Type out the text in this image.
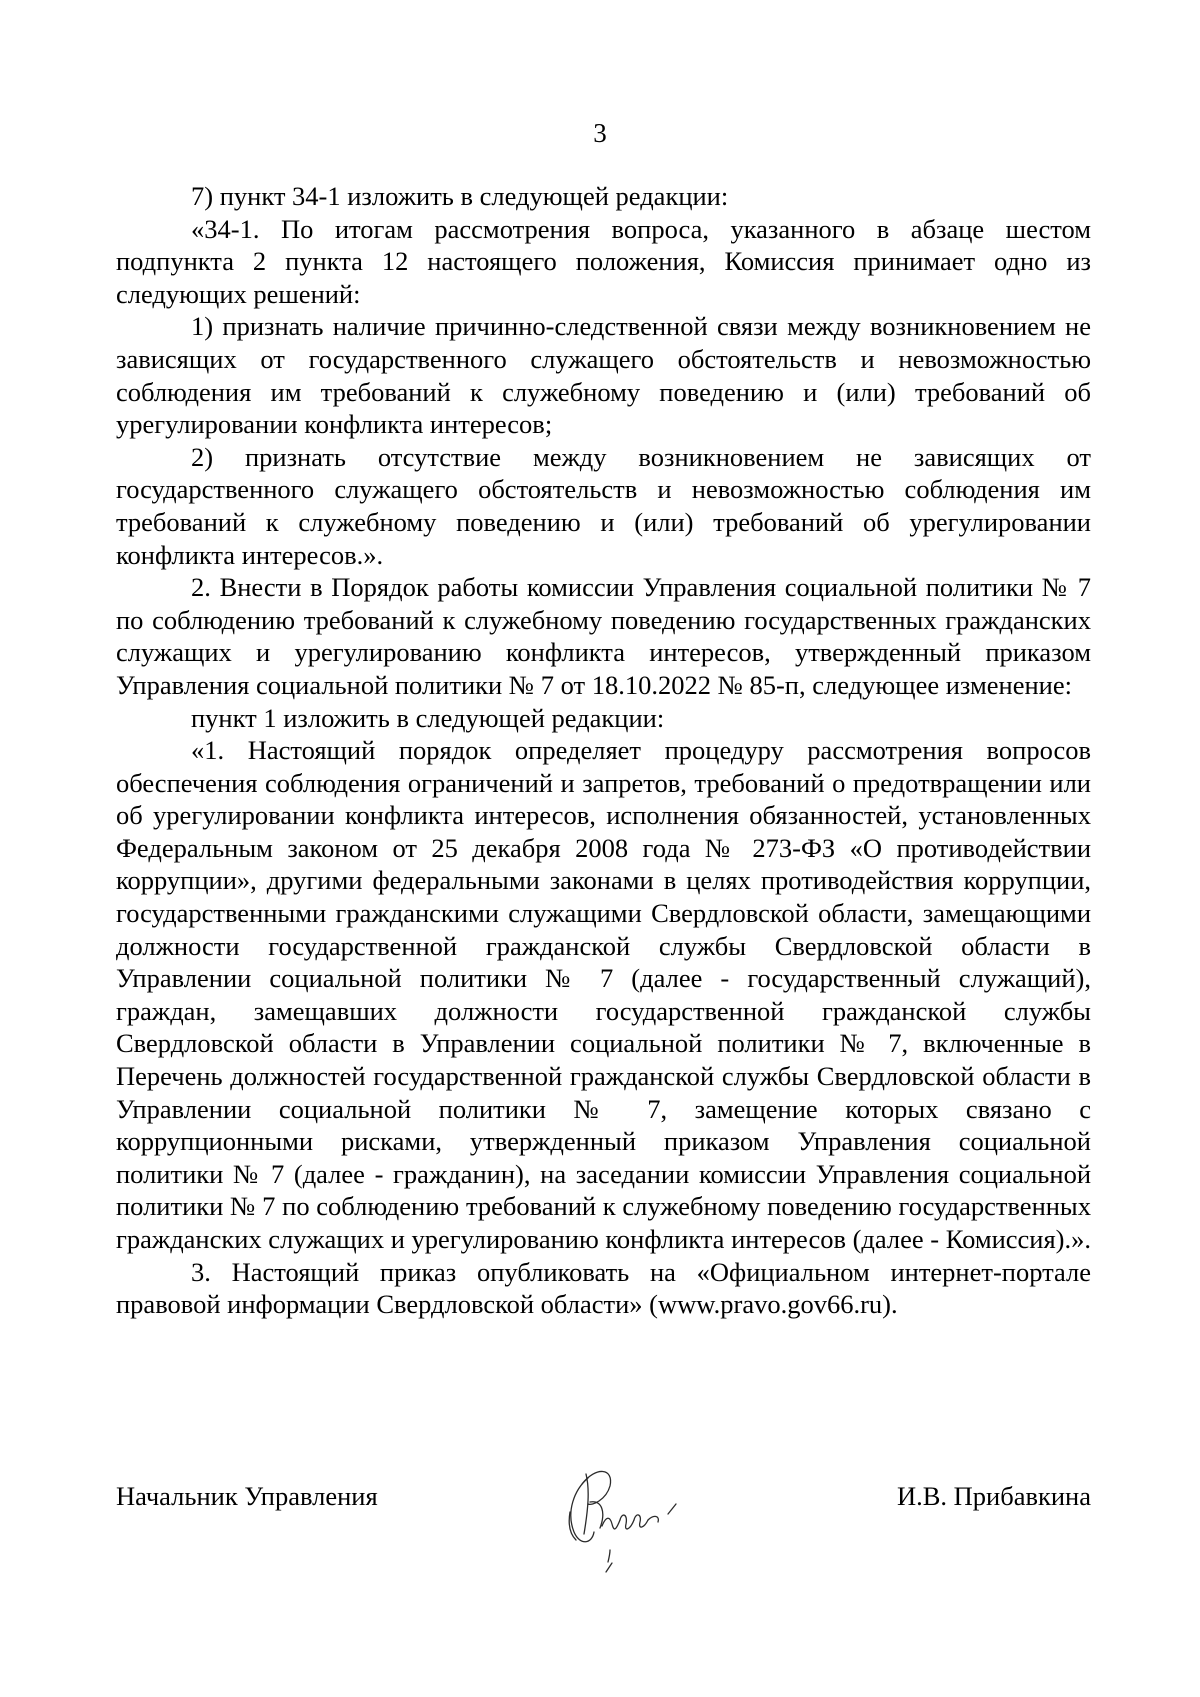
3

7) пункт 34-1 изложить в следующей редакции:

«34-1. По итогам рассмотрения вопроса, указанного в абзаце шестом подпункта 2 пункта 12 настоящего положения, Комиссия принимает одно из следующих решений:

1) признать наличие причинно-следственной связи между возникновением не зависящих от государственного служащего обстоятельств и невозможностью соблюдения им требований к служебному поведению и (или) требований об урегулировании конфликта интересов;

2) признать отсутствие между возникновением не зависящих от государственного служащего обстоятельств и невозможностью соблюдения им требований к служебному поведению и (или) требований об урегулировании конфликта интересов.».

2. Внести в Порядок работы комиссии Управления социальной политики № 7 по соблюдению требований к служебному поведению государственных гражданских служащих и урегулированию конфликта интересов, утвержденный приказом Управления социальной политики № 7 от 18.10.2022 № 85-п, следующее изменение:

пункт 1 изложить в следующей редакции:

«1. Настоящий порядок определяет процедуру рассмотрения вопросов обеспечения соблюдения ограничений и запретов, требований о предотвращении или об урегулировании конфликта интересов, исполнения обязанностей, установленных Федеральным законом от 25 декабря 2008 года № 273-ФЗ «О противодействии коррупции», другими федеральными законами в целях противодействия коррупции, государственными гражданскими служащими Свердловской области, замещающими должности государственной гражданской службы Свердловской области в Управлении социальной политики № 7 (далее - государственный служащий), граждан, замещавших должности государственной гражданской службы Свердловской области в Управлении социальной политики № 7, включенные в Перечень должностей государственной гражданской службы Свердловской области в Управлении социальной политики № 7, замещение которых связано с коррупционными рисками, утвержденный приказом Управления социальной политики № 7 (далее - гражданин), на заседании комиссии Управления социальной политики № 7 по соблюдению требований к служебному поведению государственных гражданских служащих и урегулированию конфликта интересов (далее - Комиссия).».

3. Настоящий приказ опубликовать на «Официальном интернет-портале правовой информации Свердловской области» (www.pravo.gov66.ru).

Начальник Управления	И.В. Прибавкина
